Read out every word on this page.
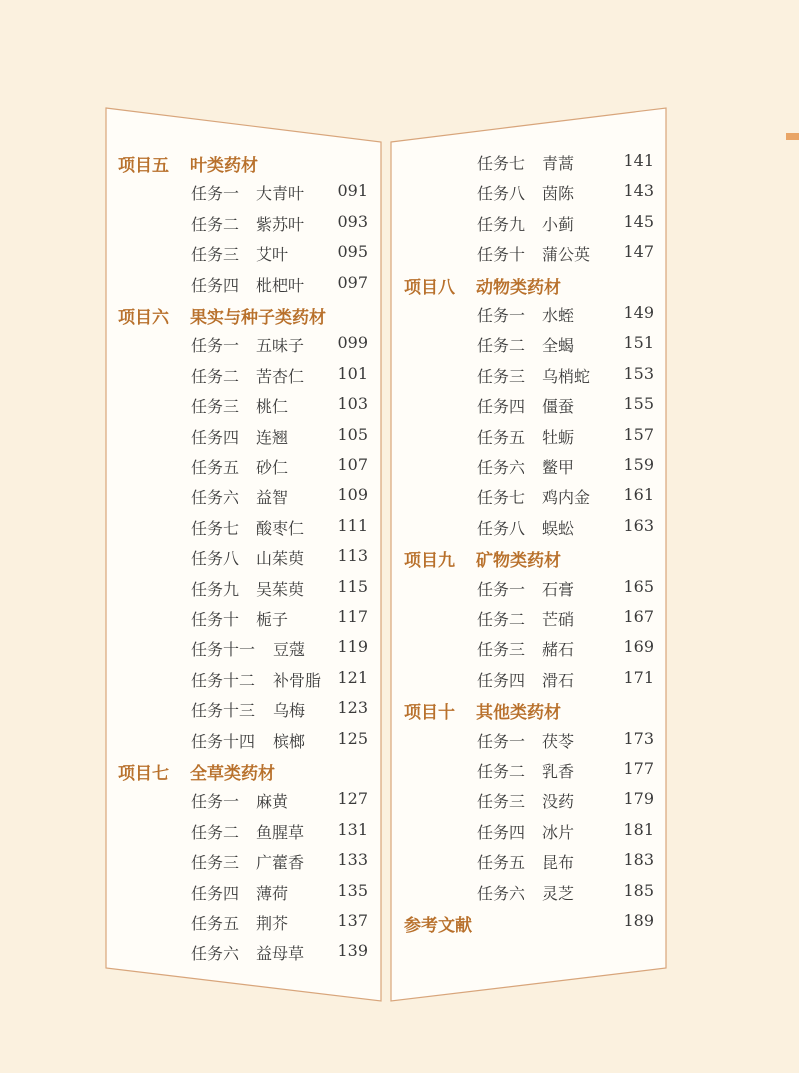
项目五 叶类药材
任务一 大青叶	091
任务二 紫苏叶	093
任务三 艾叶	095
任务四 枇杷叶	097
项目六 果实与种子类药材
任务一 五味子	099
任务二 苦杏仁	101
任务三 桃仁	103
任务四 连翘	105
任务五 砂仁	107
任务六 益智	109
任务七 酸枣仁	111
任务八 山茱萸	113
任务九 吴茱萸	115
任务十 栀子	117
任务十一 豆蔻	119
任务十二 补骨脂	121
任务十三 乌梅	123
任务十四 槟榔	125
项目七 全草类药材
任务一 麻黄	127
任务二 鱼腥草	131
任务三 广藿香	133
任务四 薄荷	135
任务五 荆芥	137
任务六 益母草	139
任务七 青蒿	141
任务八 茵陈	143
任务九 小蓟	145
任务十 蒲公英	147
项目八 动物类药材
任务一 水蛭	149
任务二 全蝎	151
任务三 乌梢蛇	153
任务四 僵蚕	155
任务五 牡蛎	157
任务六 鳖甲	159
任务七 鸡内金	161
任务八 蜈蚣	163
项目九 矿物类药材
任务一 石膏	165
任务二 芒硝	167
任务三 赭石	169
任务四 滑石	171
项目十 其他类药材
任务一 茯苓	173
任务二 乳香	177
任务三 没药	179
任务四 冰片	181
任务五 昆布	183
任务六 灵芝	185
参考文献	189
